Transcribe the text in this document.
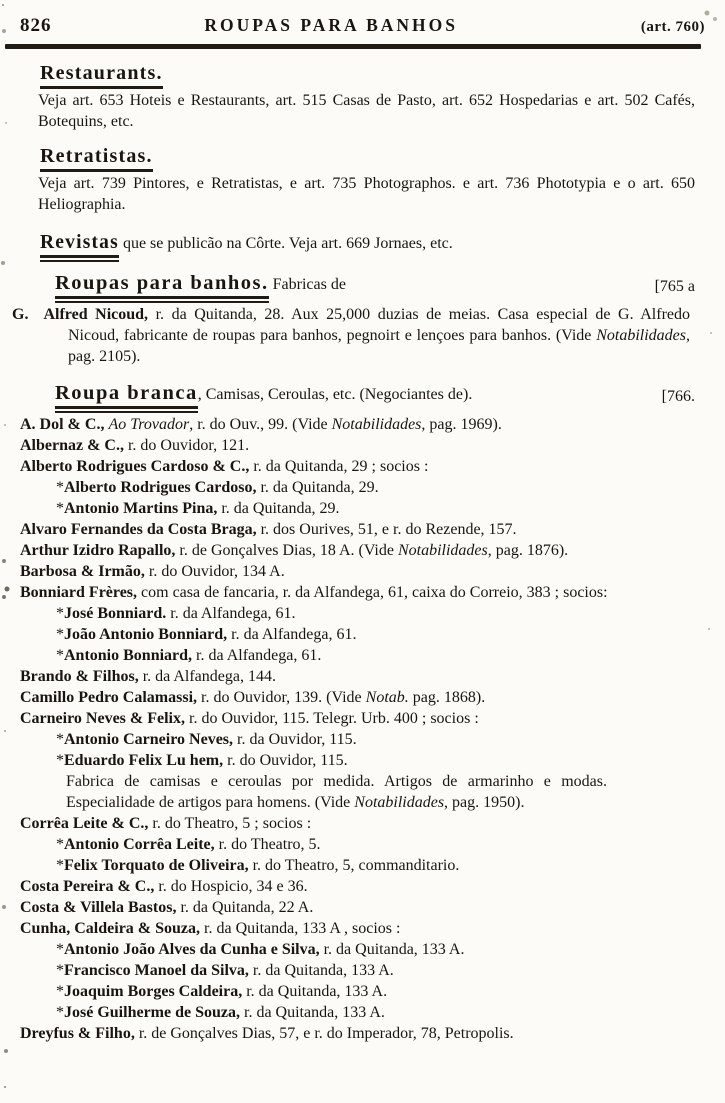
826	ROUPAS PARA BANHOS	(art. 760)
Restaurants.

Veja art. 653 Hoteis e Restaurants, art. 515 Casas de Pasto, art. 652 Hospedarias e art. 502 Cafés, Botequins, etc.

Retratistas.

Veja art. 739 Pintores, e Retratistas, e art. 735 Photographos. e art. 736 Phototypia e o art. 650 Heliographia.

Revistas que se publicão na Côrte. Veja art. 669 Jornaes, etc.

[765 a
Roupas para banhos. Fabricas de

G. Alfred Nicoud, r. da Quitanda, 28. Aux 25,000 duzias de meias. Casa especial de G. Alfredo Nicoud, fabricante de roupas para banhos, pegnoirt e lençoes para banhos. (Vide Notabilidades, pag. 2105).

[766.
Roupa branca, Camisas, Ceroulas, etc. (Negociantes de).

A. Dol & C., Ao Trovador, r. do Ouv., 99. (Vide Notabilidades, pag. 1969).
Albernaz & C., r. do Ouvidor, 121.
Alberto Rodrigues Cardoso & C., r. da Quitanda, 29 ; socios :
*Alberto Rodrigues Cardoso, r. da Quitanda, 29.
*Antonio Martins Pina, r. da Quitanda, 29.
Alvaro Fernandes da Costa Braga, r. dos Ourives, 51, e r. do Rezende, 157.
Arthur Izidro Rapallo, r. de Gonçalves Dias, 18 A. (Vide Notabilidades, pag. 1876).
Barbosa & Irmão, r. do Ouvidor, 134 A.
Bonniard Frères, com casa de fancaria, r. da Alfandega, 61, caixa do Correio, 383 ; socios:
*José Bonniard. r. da Alfandega, 61.
*João Antonio Bonniard, r. da Alfandega, 61.
*Antonio Bonniard, r. da Alfandega, 61.
Brando & Filhos, r. da Alfandega, 144.
Camillo Pedro Calamassi, r. do Ouvidor, 139. (Vide Notab. pag. 1868).
Carneiro Neves & Felix, r. do Ouvidor, 115. Telegr. Urb. 400 ; socios :
*Antonio Carneiro Neves, r. da Ouvidor, 115.
*Eduardo Felix Lu hem, r. do Ouvidor, 115.
Fabrica de camisas e ceroulas por medida. Artigos de armarinho e modas. Especialidade de artigos para homens. (Vide Notabilidades, pag. 1950).
Corrêa Leite & C., r. do Theatro, 5 ; socios :
*Antonio Corrêa Leite, r. do Theatro, 5.
*Felix Torquato de Oliveira, r. do Theatro, 5, commanditario.
Costa Pereira & C., r. do Hospicio, 34 e 36.
Costa & Villela Bastos, r. da Quitanda, 22 A.
Cunha, Caldeira & Souza, r. da Quitanda, 133 A , socios :
*Antonio João Alves da Cunha e Silva, r. da Quitanda, 133 A.
*Francisco Manoel da Silva, r. da Quitanda, 133 A.
*Joaquim Borges Caldeira, r. da Quitanda, 133 A.
*José Guilherme de Souza, r. da Quitanda, 133 A.
Dreyfus & Filho, r. de Gonçalves Dias, 57, e r. do Imperador, 78, Petropolis.
